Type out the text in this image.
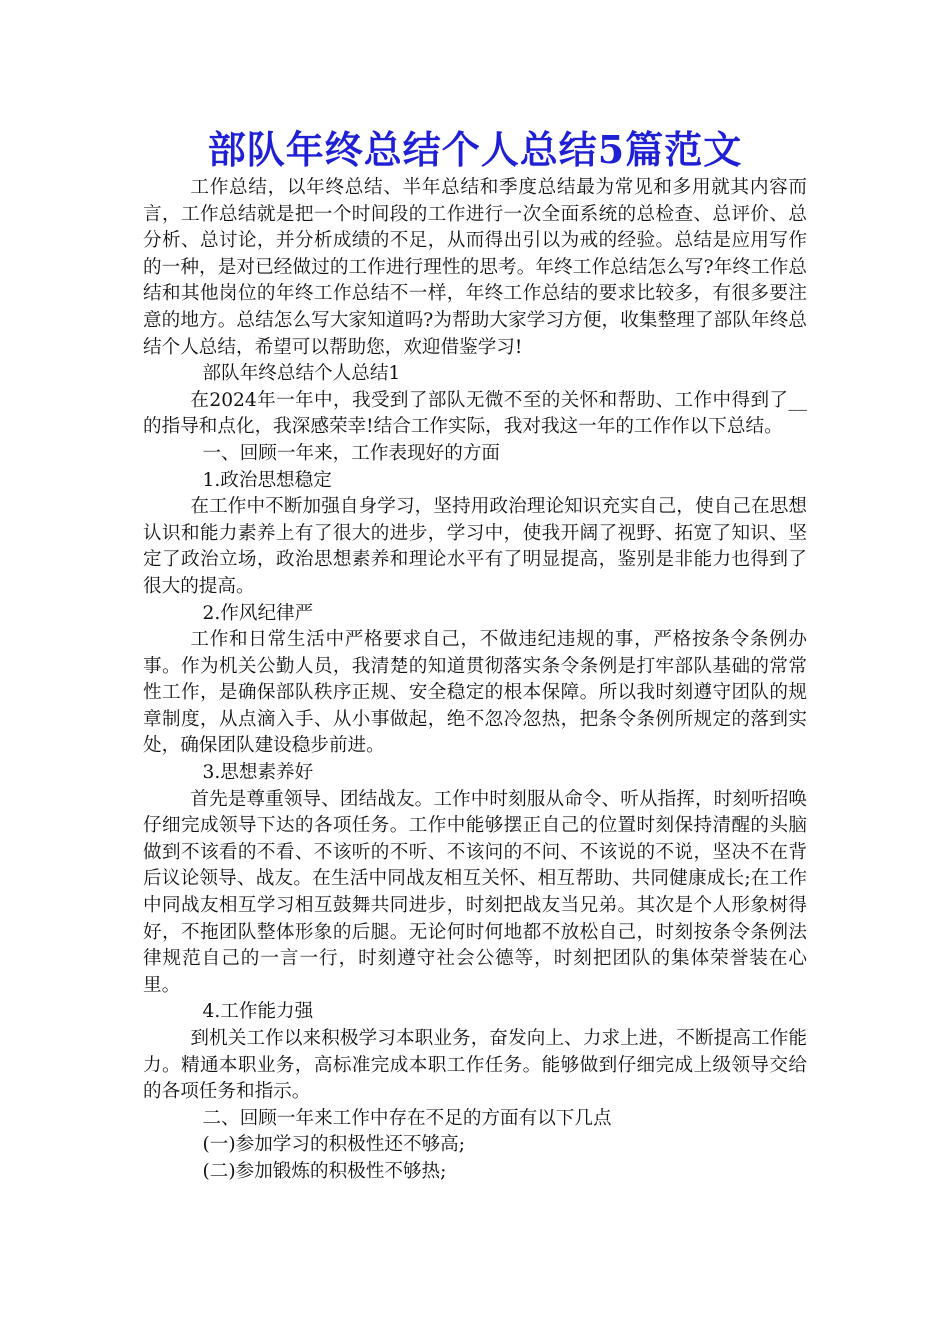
部队年终总结个人总结5篇范文

工作总结，以年终总结、半年总结和季度总结最为常见和多用就其内容而言，工作总结就是把一个时间段的工作进行一次全面系统的总检查、总评价、总分析、总讨论，并分析成绩的不足，从而得出引以为戒的经验。总结是应用写作的一种，是对已经做过的工作进行理性的思考。年终工作总结怎么写?年终工作总结和其他岗位的年终工作总结不一样，年终工作总结的要求比较多，有很多要注意的地方。总结怎么写大家知道吗?为帮助大家学习方便，收集整理了部队年终总结个人总结，希望可以帮助您，欢迎借鉴学习!

部队年终总结个人总结1

在2024年一年中，我受到了部队无微不至的关怀和帮助、工作中得到了__的指导和点化，我深感荣幸!结合工作实际，我对我这一年的工作作以下总结。

一、回顾一年来，工作表现好的方面

1.政治思想稳定

在工作中不断加强自身学习，坚持用政治理论知识充实自己，使自己在思想认识和能力素养上有了很大的进步，学习中，使我开阔了视野、拓宽了知识、坚定了政治立场，政治思想素养和理论水平有了明显提高，鉴别是非能力也得到了很大的提高。

2.作风纪律严

工作和日常生活中严格要求自己，不做违纪违规的事，严格按条令条例办事。作为机关公勤人员，我清楚的知道贯彻落实条令条例是打牢部队基础的常常性工作，是确保部队秩序正规、安全稳定的根本保障。所以我时刻遵守团队的规章制度，从点滴入手、从小事做起，绝不忽冷忽热，把条令条例所规定的落到实处，确保团队建设稳步前进。

3.思想素养好

首先是尊重领导、团结战友。工作中时刻服从命令、听从指挥，时刻听招唤仔细完成领导下达的各项任务。工作中能够摆正自己的位置时刻保持清醒的头脑做到不该看的不看、不该听的不听、不该问的不问、不该说的不说，坚决不在背后议论领导、战友。在生活中同战友相互关怀、相互帮助、共同健康成长;在工作中同战友相互学习相互鼓舞共同进步，时刻把战友当兄弟。其次是个人形象树得好，不拖团队整体形象的后腿。无论何时何地都不放松自己，时刻按条令条例法律规范自己的一言一行，时刻遵守社会公德等，时刻把团队的集体荣誉装在心里。

4.工作能力强

到机关工作以来积极学习本职业务，奋发向上、力求上进，不断提高工作能力。精通本职业务，高标准完成本职工作任务。能够做到仔细完成上级领导交给的各项任务和指示。

二、回顾一年来工作中存在不足的方面有以下几点

(一)参加学习的积极性还不够高;

(二)参加锻炼的积极性不够热;
